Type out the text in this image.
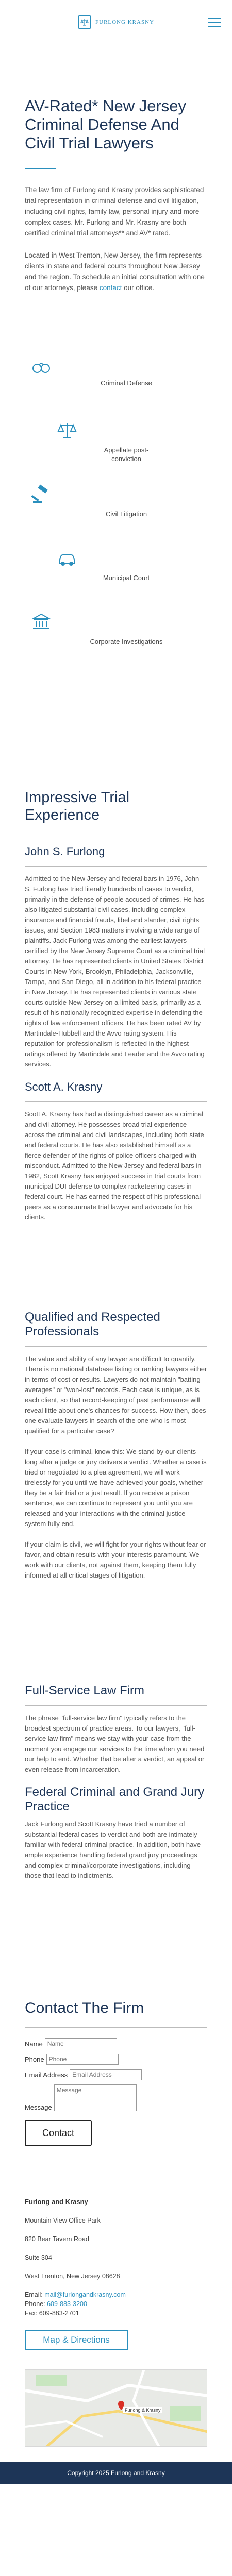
FURLONG KRASNY
AV-Rated* New Jersey Criminal Defense And Civil Trial Lawyers

The law firm of Furlong and Krasny provides sophisticated trial representation in criminal defense and civil litigation, including civil rights, family law, personal injury and more complex cases. Mr. Furlong and Mr. Krasny are both certified criminal trial attorneys** and AV* rated.

Located in West Trenton, New Jersey, the firm represents clients in state and federal courts throughout New Jersey and the region. To schedule an initial consultation with one of our attorneys, please contact our office.

Criminal Defense
Appellate post-conviction
Civil Litigation
Municipal Court
Corporate Investigations
Impressive Trial Experience
John S. Furlong

Admitted to the New Jersey and federal bars in 1976, John S. Furlong has tried literally hundreds of cases to verdict, primarily in the defense of people accused of crimes. He has also litigated substantial civil cases, including complex insurance and financial frauds, libel and slander, civil rights issues, and Section 1983 matters involving a wide range of plaintiffs. Jack Furlong was among the earliest lawyers certified by the New Jersey Supreme Court as a criminal trial attorney. He has represented clients in United States District Courts in New York, Brooklyn, Philadelphia, Jacksonville, Tampa, and San Diego, all in addition to his federal practice in New Jersey. He has represented clients in various state courts outside New Jersey on a limited basis, primarily as a result of his nationally recognized expertise in defending the rights of law enforcement officers. He has been rated AV by Martindale-Hubbell and the Avvo rating system. His reputation for professionalism is reflected in the highest ratings offered by Martindale and Leader and the Avvo rating services.

Scott A. Krasny

Scott A. Krasny has had a distinguished career as a criminal and civil attorney. He possesses broad trial experience across the criminal and civil landscapes, including both state and federal courts. He has also established himself as a fierce defender of the rights of police officers charged with misconduct. Admitted to the New Jersey and federal bars in 1982, Scott Krasny has enjoyed success in trial courts from municipal DUI defense to complex racketeering cases in federal court. He has earned the respect of his professional peers as a consummate trial lawyer and advocate for his clients.

Qualified and Respected Professionals

The value and ability of any lawyer are difficult to quantify. There is no national database listing or ranking lawyers either in terms of cost or results. Lawyers do not maintain "batting averages" or "won-lost" records. Each case is unique, as is each client, so that record-keeping of past performance will reveal little about one's chances for success. How then, does one evaluate lawyers in search of the one who is most qualified for a particular case?

If your case is criminal, know this: We stand by our clients long after a judge or jury delivers a verdict. Whether a case is tried or negotiated to a plea agreement, we will work tirelessly for you until we have achieved your goals, whether they be a fair trial or a just result. If you receive a prison sentence, we can continue to represent you until you are released and your interactions with the criminal justice system fully end.

If your claim is civil, we will fight for your rights without fear or favor, and obtain results with your interests paramount. We work with our clients, not against them, keeping them fully informed at all critical stages of litigation.

Full-Service Law Firm

The phrase "full-service law firm" typically refers to the broadest spectrum of practice areas. To our lawyers, "full-service law firm" means we stay with your case from the moment you engage our services to the time when you need our help to end. Whether that be after a verdict, an appeal or even release from incarceration.

Federal Criminal and Grand Jury Practice

Jack Furlong and Scott Krasny have tried a number of substantial federal cases to verdict and both are intimately familiar with federal criminal practice. In addition, both have ample experience handling federal grand jury proceedings and complex criminal/corporate investigations, including those that lead to indictments.

Contact The Firm
Name
Name
Phone
Phone
Email Address
Email Address
Message
Message
Contact
Furlong and Krasny
Mountain View Office Park
820 Bear Tavern Road
Suite 304
West Trenton, New Jersey 08628
Email: mail@furlongandkrasny.com
Phone: 609-883-3200
Fax: 609-883-2701
Map & Directions
Furlong & Krasny
Copyright 2025 Furlong and Krasny
